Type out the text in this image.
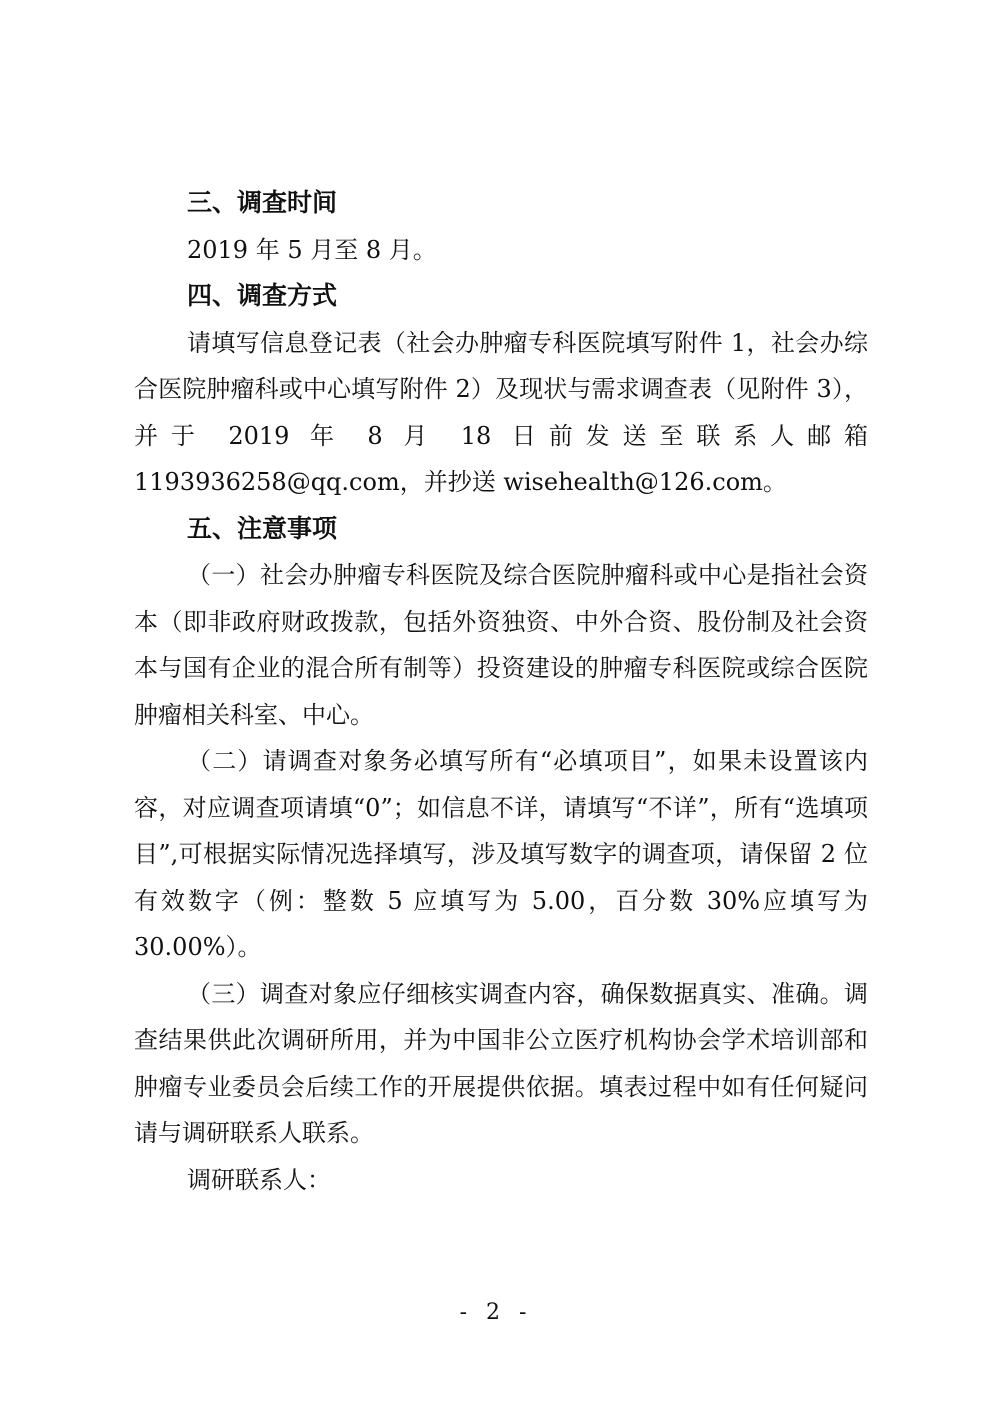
三、调查时间

2019 年 5 月至 8 月。

四、调查方式

请填写信息登记表（社会办肿瘤专科医院填写附件 1，社会办综合医院肿瘤科或中心填写附件 2）及现状与需求调查表（见附件 3），并于 2019 年 8 月 18 日前发送至联系人邮箱 1193936258@qq.com，并抄送 wisehealth@126.com。

五、注意事项

（一）社会办肿瘤专科医院及综合医院肿瘤科或中心是指社会资本（即非政府财政拨款，包括外资独资、中外合资、股份制及社会资本与国有企业的混合所有制等）投资建设的肿瘤专科医院或综合医院肿瘤相关科室、中心。

（二）请调查对象务必填写所有“必填项目”，如果未设置该内容，对应调查项请填“0”；如信息不详，请填写“不详”，所有“选填项目”,可根据实际情况选择填写，涉及填写数字的调查项，请保留 2 位有效数字（例：整数 5 应填写为 5.00，百分数 30%应填写为 30.00%）。

（三）调查对象应仔细核实调查内容，确保数据真实、准确。调查结果供此次调研所用，并为中国非公立医疗机构协会学术培训部和肿瘤专业委员会后续工作的开展提供依据。填表过程中如有任何疑问请与调研联系人联系。

调研联系人：

- 2 -
